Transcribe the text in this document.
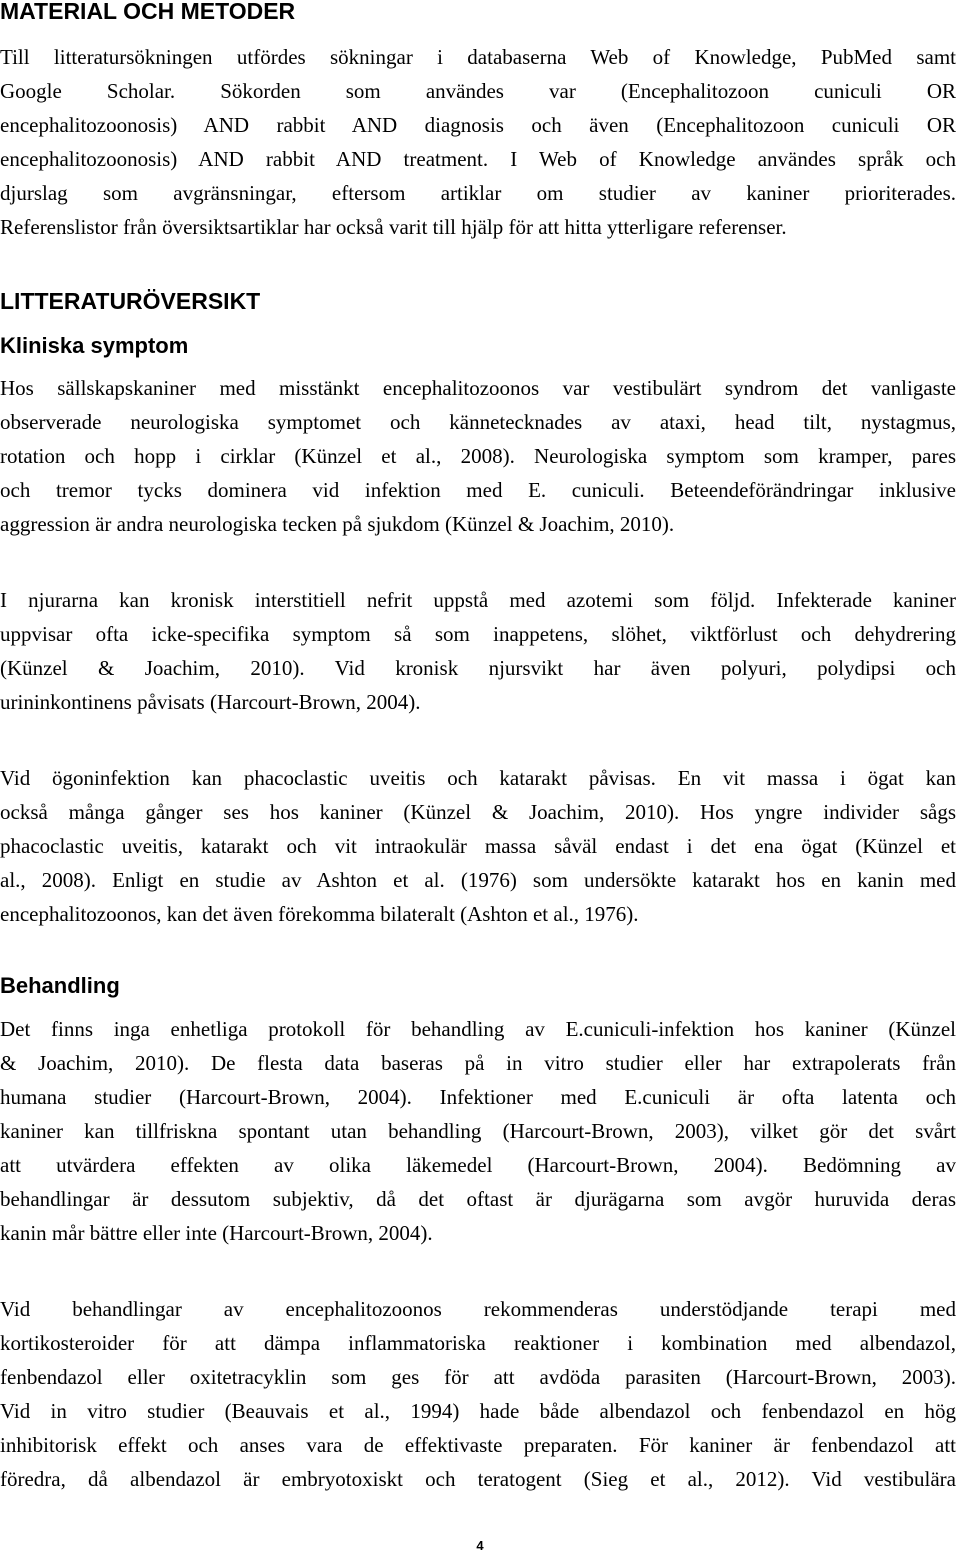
MATERIAL OCH METODER
Till litteratursökningen utfördes sökningar i databaserna Web of Knowledge, PubMed samt
Google Scholar. Sökorden som användes var (Encephalitozoon cuniculi OR
encephalitozoonosis) AND rabbit AND diagnosis och även (Encephalitozoon cuniculi OR
encephalitozoonosis) AND rabbit AND treatment. I Web of Knowledge användes språk och
djurslag som avgränsningar, eftersom artiklar om studier av kaniner prioriterades.
Referenslistor från översiktsartiklar har också varit till hjälp för att hitta ytterligare referenser.
LITTERATURÖVERSIKT
Kliniska symptom
Hos sällskapskaniner med misstänkt encephalitozoonos var vestibulärt syndrom det vanligaste
observerade neurologiska symptomet och kännetecknades av ataxi, head tilt, nystagmus,
rotation och hopp i cirklar (Künzel et al., 2008). Neurologiska symptom som kramper, pares
och tremor tycks dominera vid infektion med E. cuniculi. Beteendeförändringar inklusive
aggression är andra neurologiska tecken på sjukdom (Künzel & Joachim, 2010).
I njurarna kan kronisk interstitiell nefrit uppstå med azotemi som följd. Infekterade kaniner
uppvisar ofta icke-specifika symptom så som inappetens, slöhet, viktförlust och dehydrering
(Künzel & Joachim, 2010). Vid kronisk njursvikt har även polyuri, polydipsi och
urininkontinens påvisats (Harcourt-Brown, 2004).
Vid ögoninfektion kan phacoclastic uveitis och katarakt påvisas. En vit massa i ögat kan
också många gånger ses hos kaniner (Künzel & Joachim, 2010). Hos yngre individer sågs
phacoclastic uveitis, katarakt och vit intraokulär massa såväl endast i det ena ögat (Künzel et
al., 2008). Enligt en studie av Ashton et al. (1976) som undersökte katarakt hos en kanin med
encephalitozoonos, kan det även förekomma bilateralt (Ashton et al., 1976).
Behandling
Det finns inga enhetliga protokoll för behandling av E.cuniculi-infektion hos kaniner (Künzel
& Joachim, 2010). De flesta data baseras på in vitro studier eller har extrapolerats från
humana studier (Harcourt-Brown, 2004). Infektioner med E.cuniculi är ofta latenta och
kaniner kan tillfriskna spontant utan behandling (Harcourt-Brown, 2003), vilket gör det svårt
att utvärdera effekten av olika läkemedel (Harcourt-Brown, 2004). Bedömning av
behandlingar är dessutom subjektiv, då det oftast är djurägarna som avgör huruvida deras
kanin mår bättre eller inte (Harcourt-Brown, 2004).
Vid behandlingar av encephalitozoonos rekommenderas understödjande terapi med
kortikosteroider för att dämpa inflammatoriska reaktioner i kombination med albendazol,
fenbendazol eller oxitetracyklin som ges för att avdöda parasiten (Harcourt-Brown, 2003).
Vid in vitro studier (Beauvais et al., 1994) hade både albendazol och fenbendazol en hög
inhibitorisk effekt och anses vara de effektivaste preparaten. För kaniner är fenbendazol att
föredra, då albendazol är embryotoxiskt och teratogent (Sieg et al., 2012). Vid vestibulära
4
